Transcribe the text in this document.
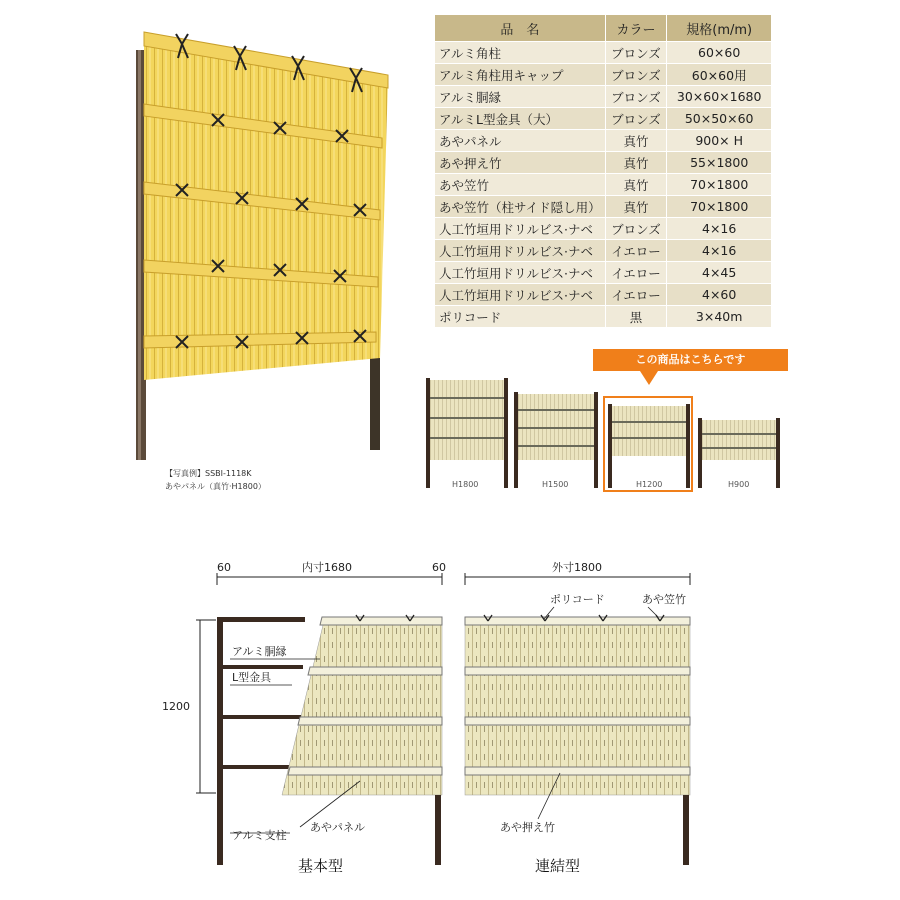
【写真例】SSBI-1118K
あやパネル（真竹·H1800）
品　名	カラー	規格(m/m)
アルミ角柱	ブロンズ	60×60
アルミ角柱用キャップ	ブロンズ	60×60用
アルミ胴縁	ブロンズ	30×60×1680
アルミL型金具（大）	ブロンズ	50×50×60
あやパネル	真竹	900× H
あや押え竹	真竹	55×1800
あや笠竹	真竹	70×1800
あや笠竹（柱サイド隠し用）	真竹	70×1800
人工竹垣用ドリルビス·ナベ	ブロンズ	4×16
人工竹垣用ドリルビス·ナベ	イエロー	4×16
人工竹垣用ドリルビス·ナベ	イエロー	4×45
人工竹垣用ドリルビス·ナベ	イエロー	4×60
ポリコード	黒	3×40m
この商品はこちらです
H1800	H1500	H1200	H900
60	内寸1680	60	外寸1800
1200
アルミ胴縁
L型金具
アルミ支柱
あやパネル
ポリコード	あや笠竹
あや押え竹
基本型	連結型
